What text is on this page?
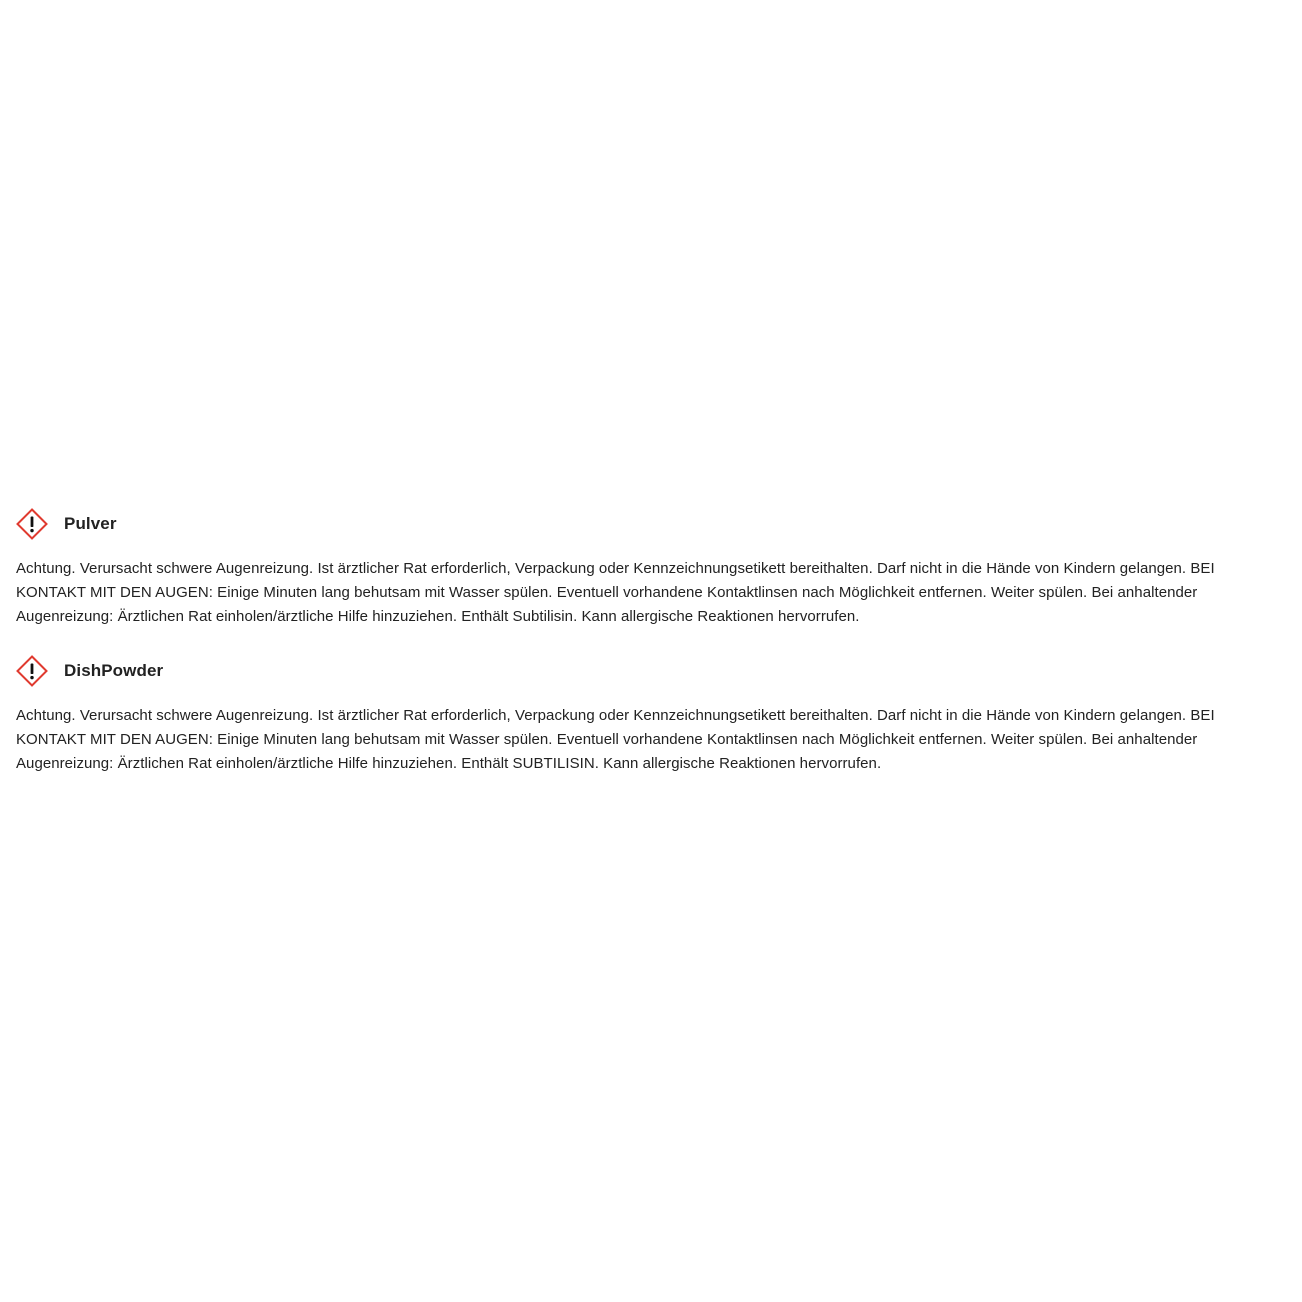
Pulver

Achtung. Verursacht schwere Augenreizung. Ist ärztlicher Rat erforderlich, Verpackung oder Kennzeichnungsetikett bereithalten. Darf nicht in die Hände von Kindern gelangen. BEI KONTAKT MIT DEN AUGEN: Einige Minuten lang behutsam mit Wasser spülen. Eventuell vorhandene Kontaktlinsen nach Möglichkeit entfernen. Weiter spülen. Bei anhaltender Augenreizung: Ärztlichen Rat einholen/ärztliche Hilfe hinzuziehen. Enthält Subtilisin. Kann allergische Reaktionen hervorrufen.

DishPowder

Achtung. Verursacht schwere Augenreizung. Ist ärztlicher Rat erforderlich, Verpackung oder Kennzeichnungsetikett bereithalten. Darf nicht in die Hände von Kindern gelangen. BEI KONTAKT MIT DEN AUGEN: Einige Minuten lang behutsam mit Wasser spülen. Eventuell vorhandene Kontaktlinsen nach Möglichkeit entfernen. Weiter spülen. Bei anhaltender Augenreizung: Ärztlichen Rat einholen/ärztliche Hilfe hinzuziehen. Enthält SUBTILISIN. Kann allergische Reaktionen hervorrufen.
